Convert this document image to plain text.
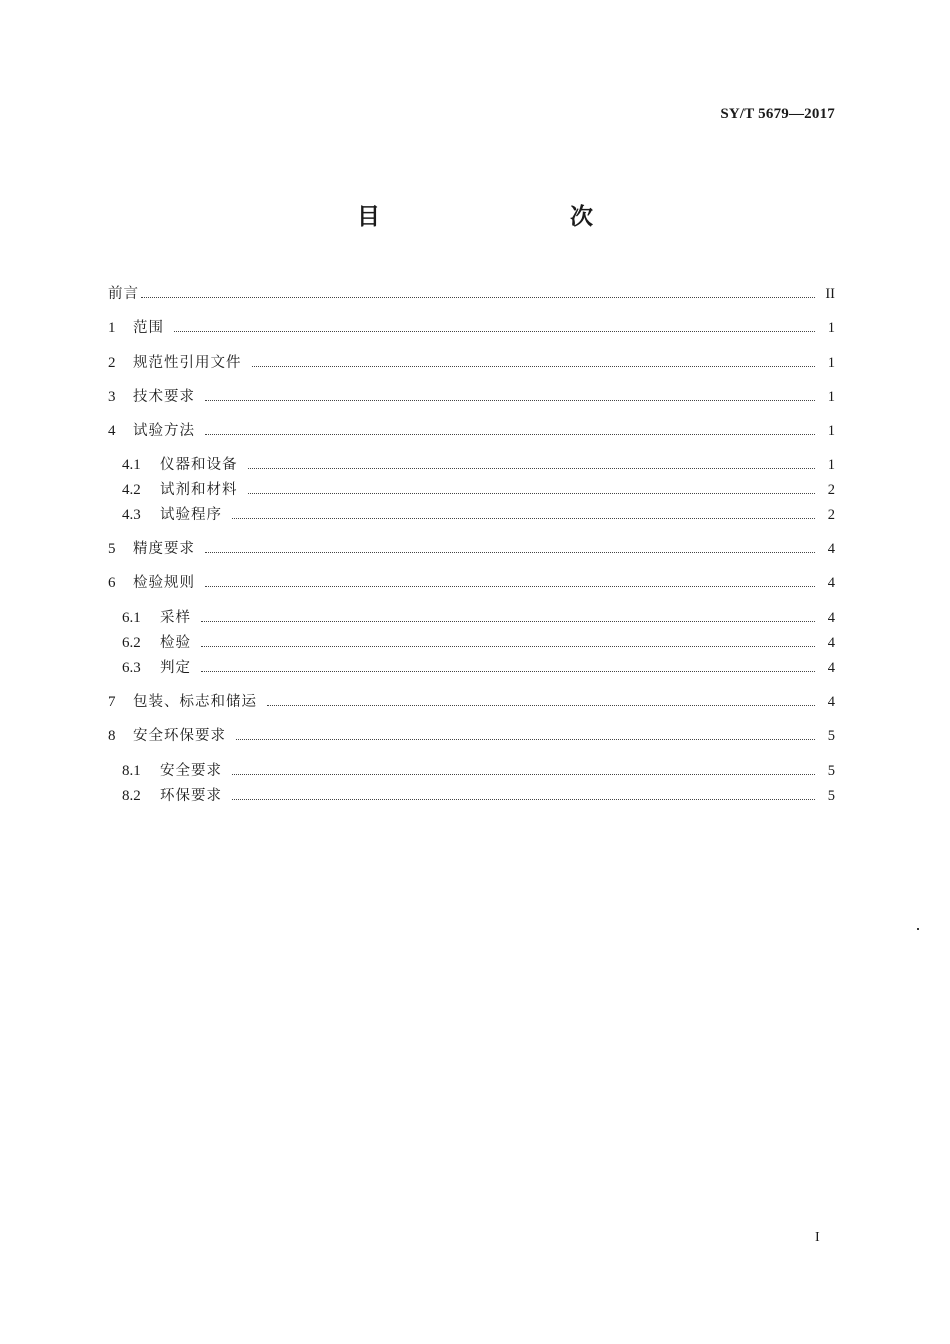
SY/T 5679—2017
目　　次
前言	II
1	范围	1
2	规范性引用文件	1
3	技术要求	1
4	试验方法	1
4.1	仪器和设备	1
4.2	试剂和材料	2
4.3	试验程序	2
5	精度要求	4
6	检验规则	4
6.1	采样	4
6.2	检验	4
6.3	判定	4
7	包装、标志和储运	4
8	安全环保要求	5
8.1	安全要求	5
8.2	环保要求	5
I
